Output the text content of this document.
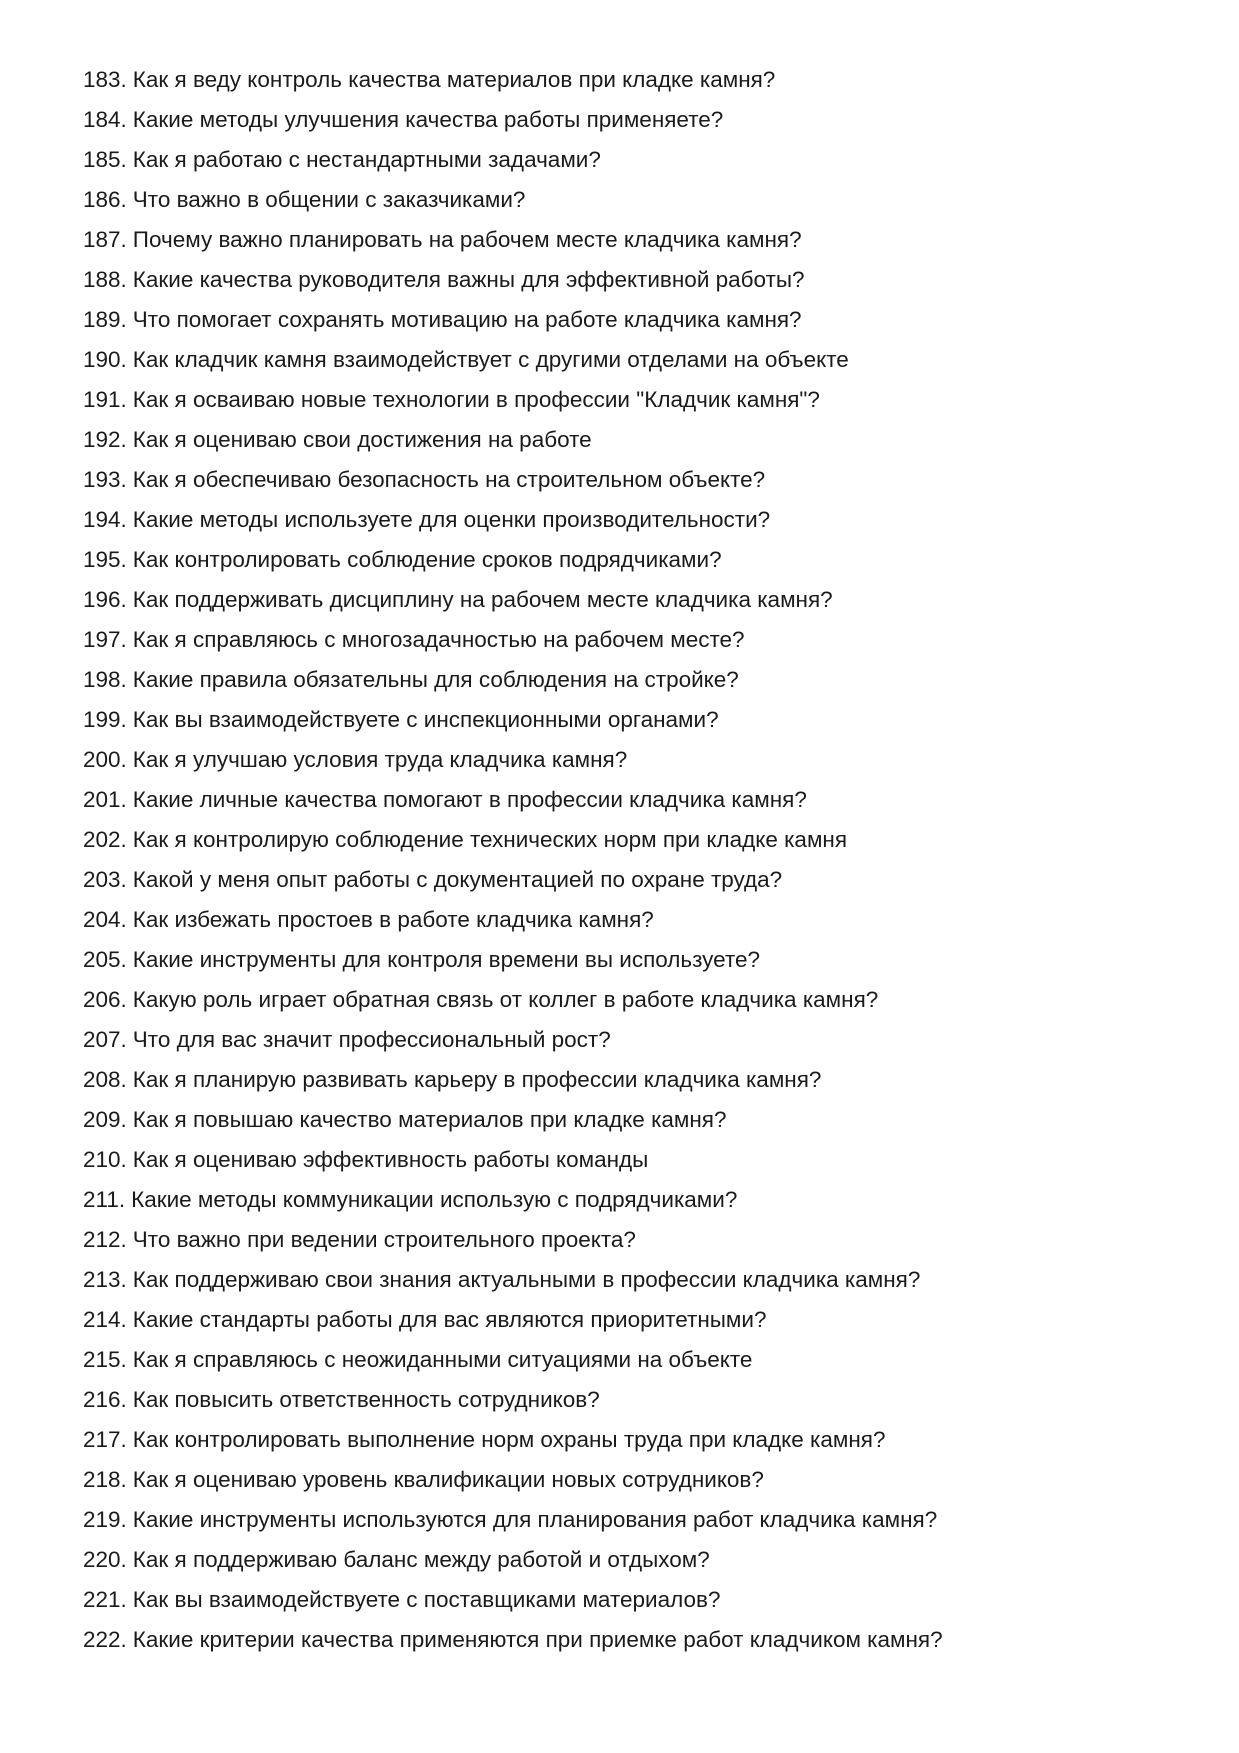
183. Как я веду контроль качества материалов при кладке камня?
184. Какие методы улучшения качества работы применяете?
185. Как я работаю с нестандартными задачами?
186. Что важно в общении с заказчиками?
187. Почему важно планировать на рабочем месте кладчика камня?
188. Какие качества руководителя важны для эффективной работы?
189. Что помогает сохранять мотивацию на работе кладчика камня?
190. Как кладчик камня взаимодействует с другими отделами на объекте
191. Как я осваиваю новые технологии в профессии "Кладчик камня"?
192. Как я оцениваю свои достижения на работе
193. Как я обеспечиваю безопасность на строительном объекте?
194. Какие методы используете для оценки производительности?
195. Как контролировать соблюдение сроков подрядчиками?
196. Как поддерживать дисциплину на рабочем месте кладчика камня?
197. Как я справляюсь с многозадачностью на рабочем месте?
198. Какие правила обязательны для соблюдения на стройке?
199. Как вы взаимодействуете с инспекционными органами?
200. Как я улучшаю условия труда кладчика камня?
201. Какие личные качества помогают в профессии кладчика камня?
202. Как я контролирую соблюдение технических норм при кладке камня
203. Какой у меня опыт работы с документацией по охране труда?
204. Как избежать простоев в работе кладчика камня?
205. Какие инструменты для контроля времени вы используете?
206. Какую роль играет обратная связь от коллег в работе кладчика камня?
207. Что для вас значит профессиональный рост?
208. Как я планирую развивать карьеру в профессии кладчика камня?
209. Как я повышаю качество материалов при кладке камня?
210. Как я оцениваю эффективность работы команды
211. Какие методы коммуникации использую с подрядчиками?
212. Что важно при ведении строительного проекта?
213. Как поддерживаю свои знания актуальными в профессии кладчика камня?
214. Какие стандарты работы для вас являются приоритетными?
215. Как я справляюсь с неожиданными ситуациями на объекте
216. Как повысить ответственность сотрудников?
217. Как контролировать выполнение норм охраны труда при кладке камня?
218. Как я оцениваю уровень квалификации новых сотрудников?
219. Какие инструменты используются для планирования работ кладчика камня?
220. Как я поддерживаю баланс между работой и отдыхом?
221. Как вы взаимодействуете с поставщиками материалов?
222. Какие критерии качества применяются при приемке работ кладчиком камня?
